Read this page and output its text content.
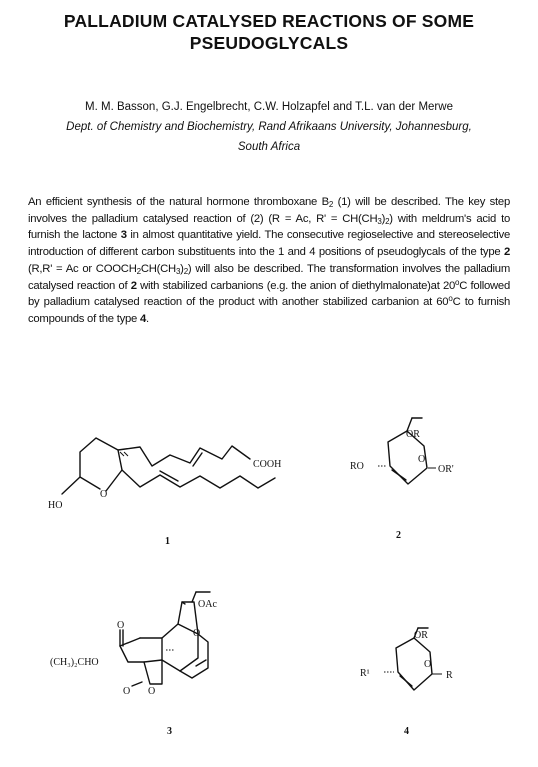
PALLADIUM CATALYSED REACTIONS OF SOME
PSEUDOGLYCALS
M. M. Basson, G.J. Engelbrecht, C.W. Holzapfel and T.L. van der Merwe
Dept. of Chemistry and Biochemistry, Rand Afrikaans University, Johannesburg,
South Africa

An efficient synthesis of the natural hormone thromboxane $B_2$ (1) will be described. The key step involves the palladium catalysed reaction of (2) (R = Ac, $R' = CH(CH_3)_2$) with meldrum's acid to furnish the lactone 3 in almost quantitative yield. The consecutive regioselective and stereoselective introduction of different carbon substituents into the 1 and 4 positions of pseudoglycals of the type 2 (R,R' = Ac or $COOCH_2CH(CH_3)_2$) will also be described. The transformation involves the palladium catalysed reaction of 2 with stabilized carbanions (e.g. the anion of diethylmalonate)at 20$^o$C followed by palladium catalysed reaction of the product with another stabilized carbanion at 60$^o$C to furnish compounds of the type 4.

COOH
HO
O
1
OR
RO
O
OR'
2
OAc
O
O
(CH₃)₂CHO
O O
3
OR
R¹
O
R
4
